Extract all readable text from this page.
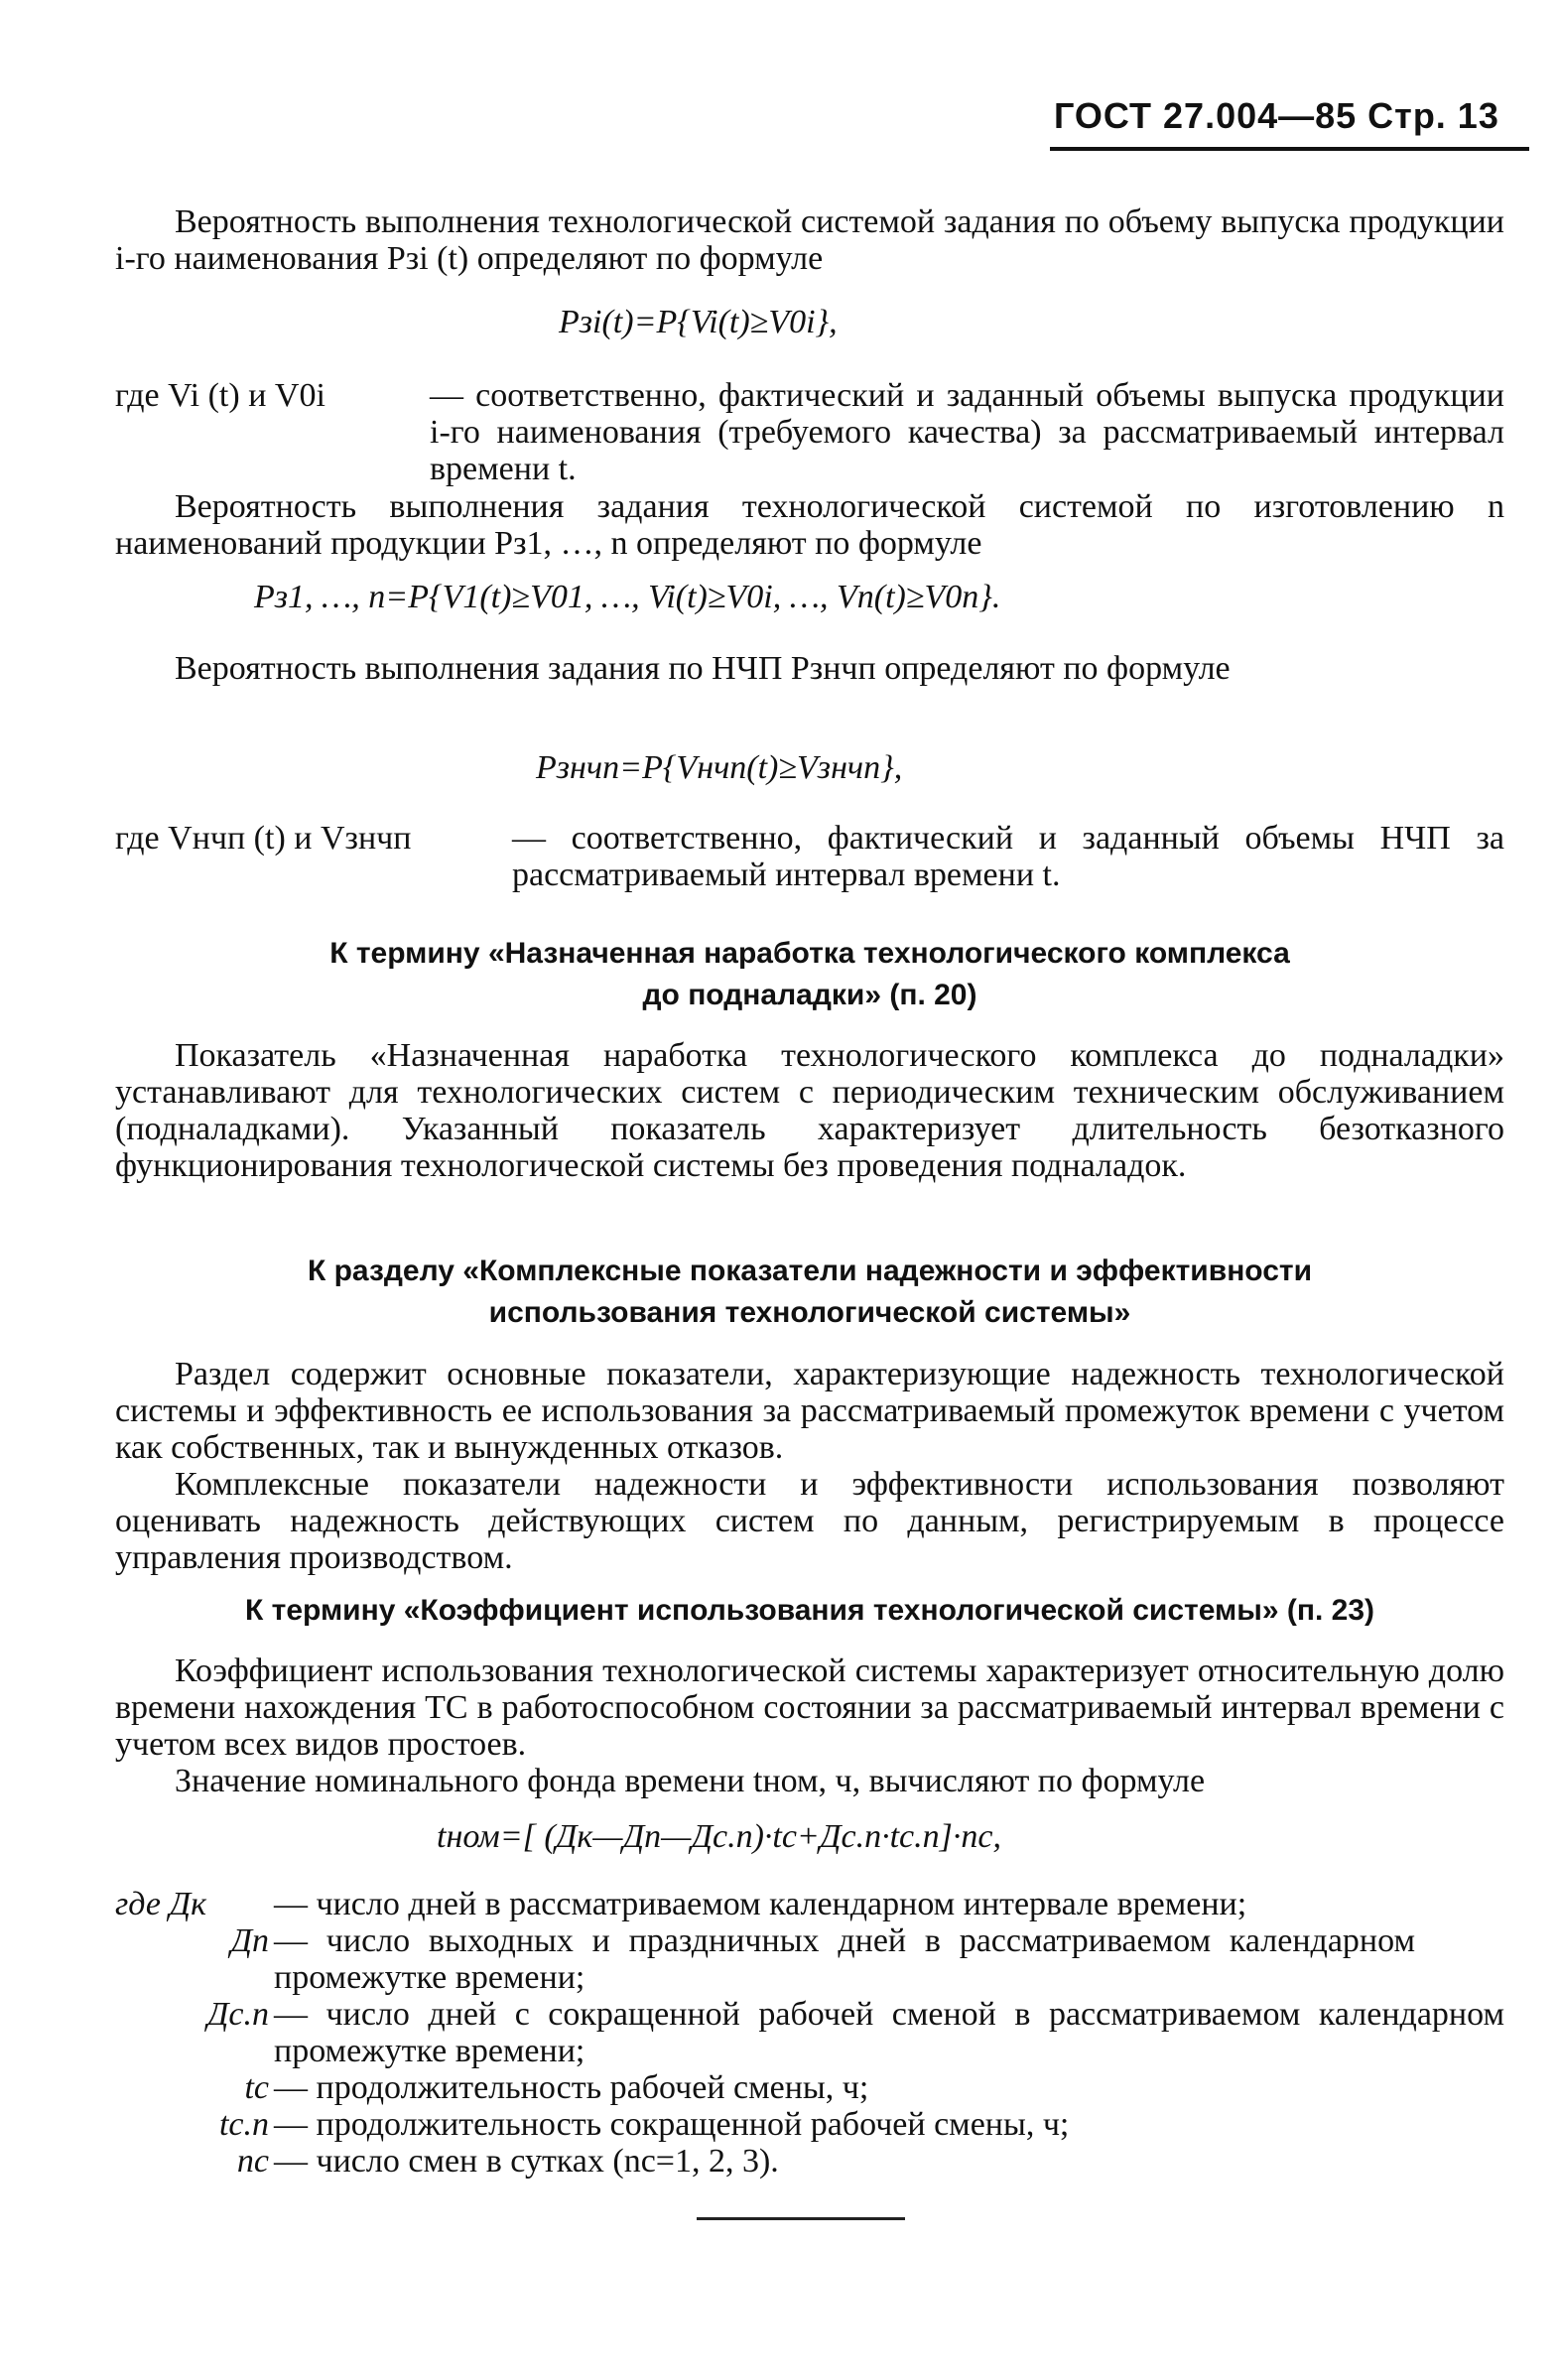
ГОСТ 27.004—85 Стр. 13
Вероятность выполнения технологической системой задания по объему выпуска продукции i-го наименования Pзi (t) определяют по формуле
Pзi(t)=P{Vi(t)≥V0i},
где Vi (t) и V0i	— соответственно, фактический и заданный объемы выпуска продукции i-го наименования (требуемого качества) за рассматриваемый интервал времени t.
Вероятность выполнения задания технологической системой по изготовлению n наименований продукции Pз1, …, n определяют по формуле
Pз1, …, n=P{V1(t)≥V01, …, Vi(t)≥V0i, …, Vn(t)≥V0n}.
Вероятность выполнения задания по НЧП Pзнчп определяют по формуле
Pзнчп=P{Vнчп(t)≥Vзнчп},
где Vнчп (t) и Vзнчп	— соответственно, фактический и заданный объемы НЧП за рассматриваемый интервал времени t.
К термину «Назначенная наработка технологического комплекса
до подналадки» (п. 20)
Показатель «Назначенная наработка технологического комплекса до подналадки» устанавливают для технологических систем с периодическим техническим обслуживанием (подналадками). Указанный показатель характеризует длительность безотказного функционирования технологической системы без проведения подналадок.
К разделу «Комплексные показатели надежности и эффективности
использования технологической системы»
Раздел содержит основные показатели, характеризующие надежность технологической системы и эффективность ее использования за рассматриваемый промежуток времени с учетом как собственных, так и вынужденных отказов.
Комплексные показатели надежности и эффективности использования позволяют оценивать надежность действующих систем по данным, регистрируемым в процессе управления производством.
К термину «Коэффициент использования технологической системы» (п. 23)
Коэффициент использования технологической системы характеризует относительную долю времени нахождения ТС в работоспособном состоянии за рассматриваемый интервал времени с учетом всех видов простоев.
Значение номинального фонда времени tном, ч, вычисляют по формуле
tном=[ (Дк—Дп—Дс.п)·tс+Дс.п·tс.п]·nс,
где Дк	— число дней в рассматриваемом календарном интервале времени;
Дп — число выходных и праздничных дней в рассматриваемом календарном промежутке времени;
Дс.п — число дней с сокращенной рабочей сменой в рассматриваемом календарном промежутке времени;
tс — продолжительность рабочей смены, ч;
tс.п — продолжительность сокращенной рабочей смены, ч;
nс — число смен в сутках (nс=1, 2, 3).
